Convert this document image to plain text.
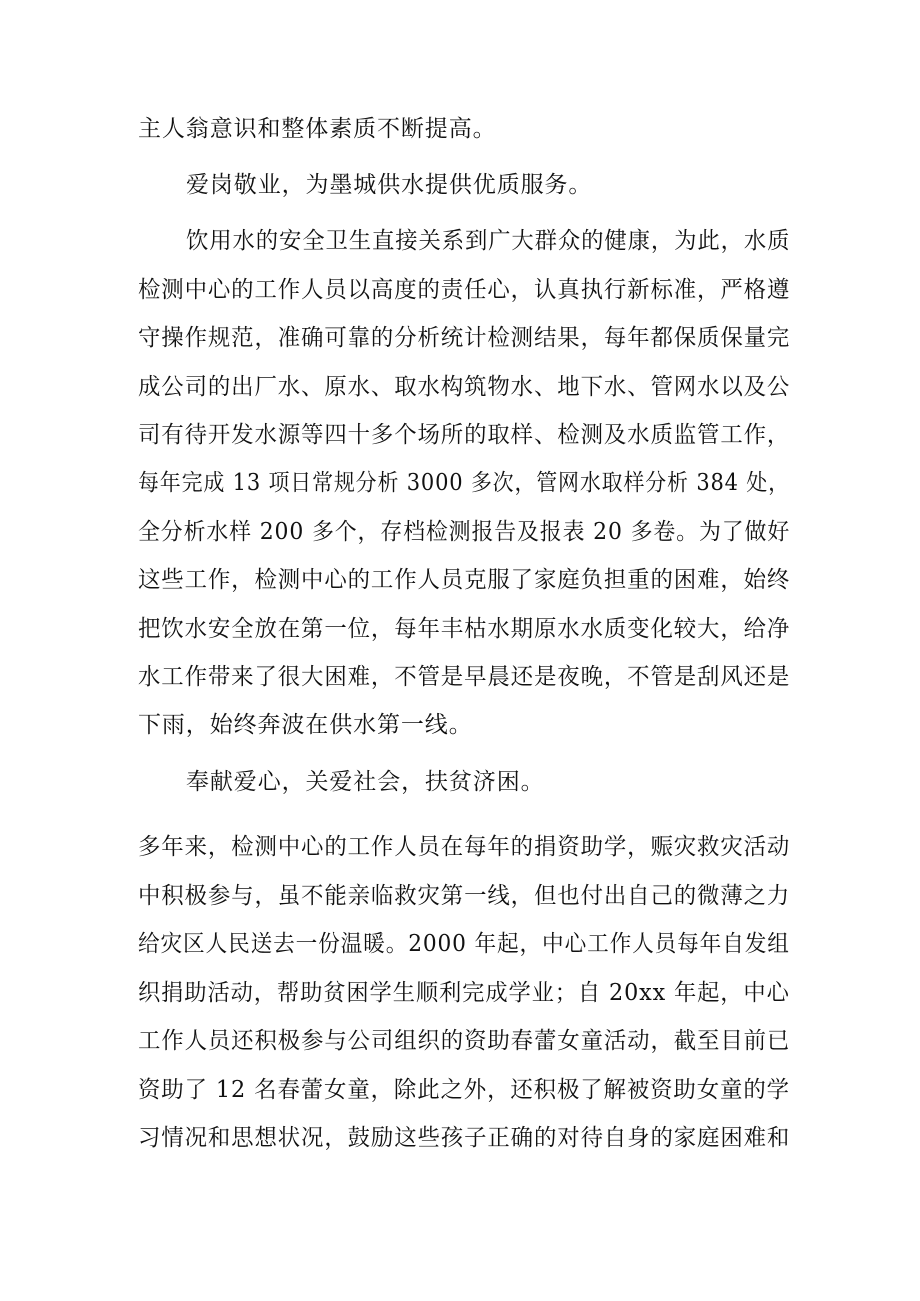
主人翁意识和整体素质不断提高。
爱岗敬业，为墨城供水提供优质服务。
饮用水的安全卫生直接关系到广大群众的健康，为此，水质
检测中心的工作人员以高度的责任心，认真执行新标准，严格遵
守操作规范，准确可靠的分析统计检测结果，每年都保质保量完
成公司的出厂水、原水、取水构筑物水、地下水、管网水以及公
司有待开发水源等四十多个场所的取样、检测及水质监管工作，
每年完成 13 项日常规分析 3000 多次，管网水取样分析 384 处，
全分析水样 200 多个，存档检测报告及报表 20 多卷。为了做好
这些工作，检测中心的工作人员克服了家庭负担重的困难，始终
把饮水安全放在第一位，每年丰枯水期原水水质变化较大，给净
水工作带来了很大困难，不管是早晨还是夜晚，不管是刮风还是
下雨，始终奔波在供水第一线。
奉献爱心，关爱社会，扶贫济困。
多年来，检测中心的工作人员在每年的捐资助学，赈灾救灾活动
中积极参与，虽不能亲临救灾第一线，但也付出自己的微薄之力
给灾区人民送去一份温暖。2000 年起，中心工作人员每年自发组
织捐助活动，帮助贫困学生顺利完成学业；自 20xx 年起，中心
工作人员还积极参与公司组织的资助春蕾女童活动，截至目前已
资助了 12 名春蕾女童，除此之外，还积极了解被资助女童的学
习情况和思想状况，鼓励这些孩子正确的对待自身的家庭困难和
